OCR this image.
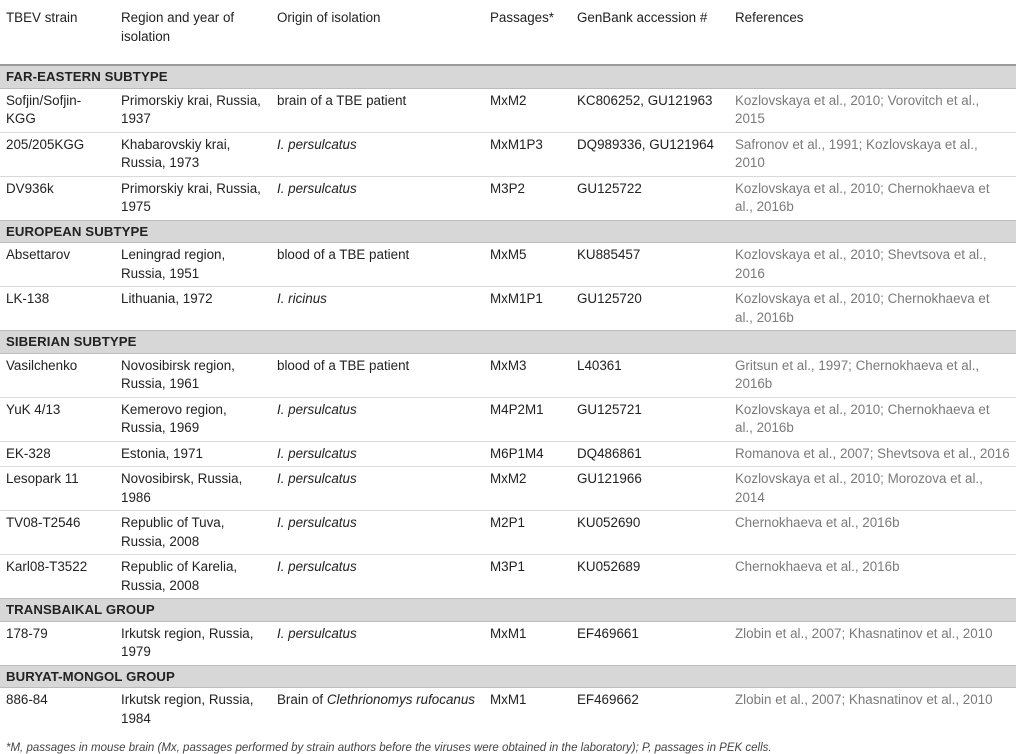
TBEV strain	Region and year of isolation	Origin of isolation	Passages*	GenBank accession #	References
FAR-EASTERN SUBTYPE					
Sofjin/Sofjin-KGG	Primorskiy krai, Russia, 1937	brain of a TBE patient	MxM2	KC806252, GU121963	Kozlovskaya et al., 2010; Vorovitch et al., 2015
205/205KGG	Khabarovskiy krai, Russia, 1973	I. persulcatus	MxM1P3	DQ989336, GU121964	Safronov et al., 1991; Kozlovskaya et al., 2010
DV936k	Primorskiy krai, Russia, 1975	I. persulcatus	M3P2	GU125722	Kozlovskaya et al., 2010; Chernokhaeva et al., 2016b
EUROPEAN SUBTYPE					
Absettarov	Leningrad region, Russia, 1951	blood of a TBE patient	MxM5	KU885457	Kozlovskaya et al., 2010; Shevtsova et al., 2016
LK-138	Lithuania, 1972	I. ricinus	MxM1P1	GU125720	Kozlovskaya et al., 2010; Chernokhaeva et al., 2016b
SIBERIAN SUBTYPE					
Vasilchenko	Novosibirsk region, Russia, 1961	blood of a TBE patient	MxM3	L40361	Gritsun et al., 1997; Chernokhaeva et al., 2016b
YuK 4/13	Kemerovo region, Russia, 1969	I. persulcatus	M4P2M1	GU125721	Kozlovskaya et al., 2010; Chernokhaeva et al., 2016b
EK-328	Estonia, 1971	I. persulcatus	M6P1M4	DQ486861	Romanova et al., 2007; Shevtsova et al., 2016
Lesopark 11	Novosibirsk, Russia, 1986	I. persulcatus	MxM2	GU121966	Kozlovskaya et al., 2010; Morozova et al., 2014
TV08-T2546	Republic of Tuva, Russia, 2008	I. persulcatus	M2P1	KU052690	Chernokhaeva et al., 2016b
Karl08-T3522	Republic of Karelia, Russia, 2008	I. persulcatus	M3P1	KU052689	Chernokhaeva et al., 2016b
TRANSBAIKAL GROUP					
178-79	Irkutsk region, Russia, 1979	I. persulcatus	MxM1	EF469661	Zlobin et al., 2007; Khasnatinov et al., 2010
BURYAT-MONGOL GROUP					
886-84	Irkutsk region, Russia, 1984	Brain of Clethrionomys rufocanus	MxM1	EF469662	Zlobin et al., 2007; Khasnatinov et al., 2010
*M, passages in mouse brain (Mx, passages performed by strain authors before the viruses were obtained in the laboratory); P, passages in PEK cells.
